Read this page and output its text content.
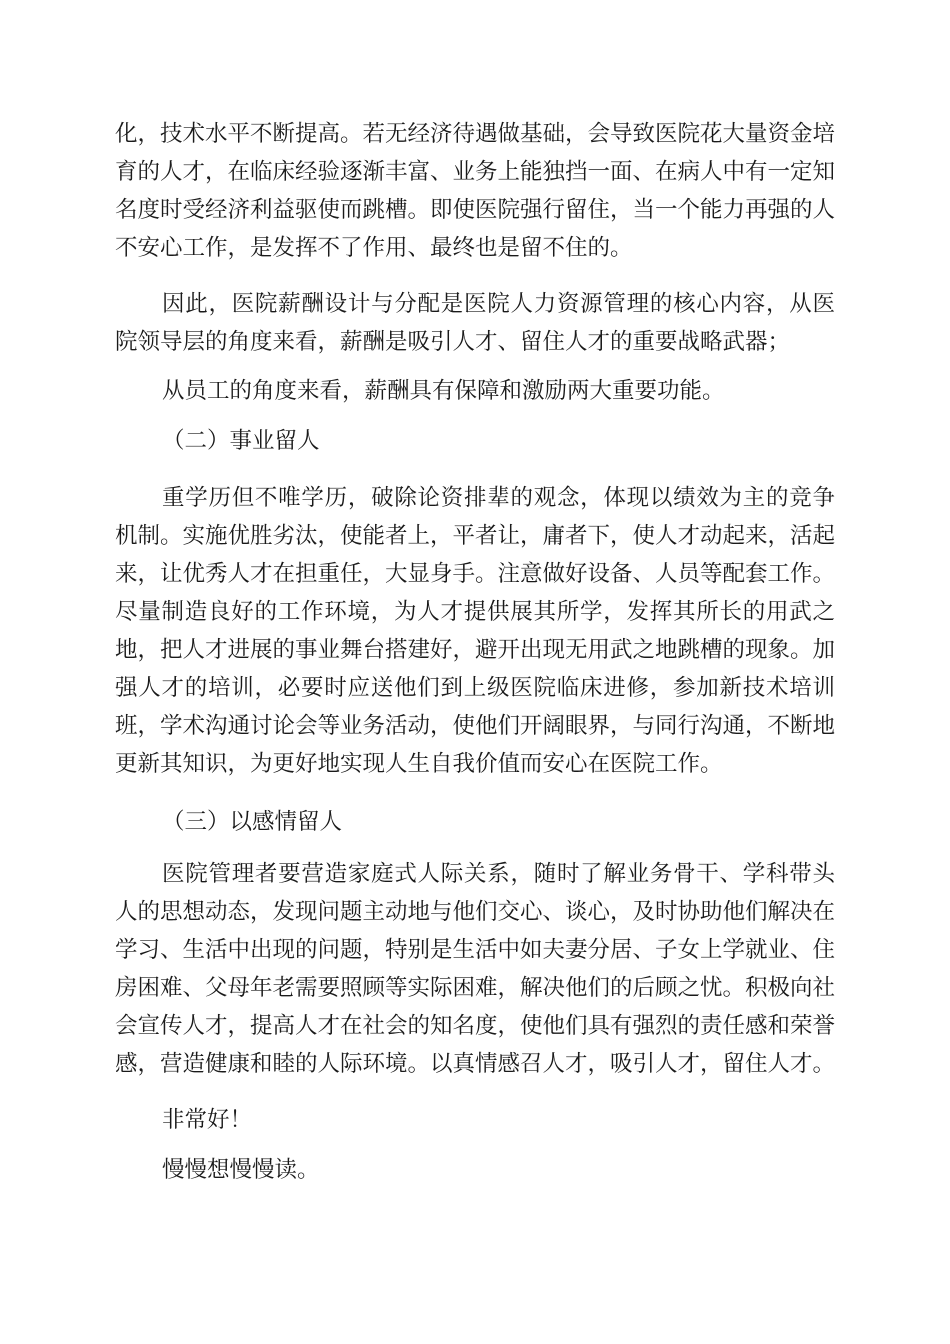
化，技术水平不断提高。若无经济待遇做基础，会导致医院花大量资金培育的人才，在临床经验逐渐丰富、业务上能独挡一面、在病人中有一定知名度时受经济利益驱使而跳槽。即使医院强行留住，当一个能力再强的人不安心工作，是发挥不了作用、最终也是留不住的。
因此，医院薪酬设计与分配是医院人力资源管理的核心内容，从医院领导层的角度来看，薪酬是吸引人才、留住人才的重要战略武器；
从员工的角度来看，薪酬具有保障和激励两大重要功能。
（二）事业留人
重学历但不唯学历，破除论资排辈的观念，体现以绩效为主的竞争机制。实施优胜劣汰，使能者上，平者让，庸者下，使人才动起来，活起来，让优秀人才在担重任，大显身手。注意做好设备、人员等配套工作。尽量制造良好的工作环境，为人才提供展其所学，发挥其所长的用武之地，把人才进展的事业舞台搭建好，避开出现无用武之地跳槽的现象。加强人才的培训，必要时应送他们到上级医院临床进修，参加新技术培训班，学术沟通讨论会等业务活动，使他们开阔眼界，与同行沟通，不断地更新其知识，为更好地实现人生自我价值而安心在医院工作。
（三）以感情留人
医院管理者要营造家庭式人际关系，随时了解业务骨干、学科带头人的思想动态，发现问题主动地与他们交心、谈心，及时协助他们解决在学习、生活中出现的问题，特别是生活中如夫妻分居、子女上学就业、住房困难、父母年老需要照顾等实际困难，解决他们的后顾之忧。积极向社会宣传人才，提高人才在社会的知名度，使他们具有强烈的责任感和荣誉感，营造健康和睦的人际环境。以真情感召人才，吸引人才，留住人才。
非常好！
慢慢想慢慢读。
